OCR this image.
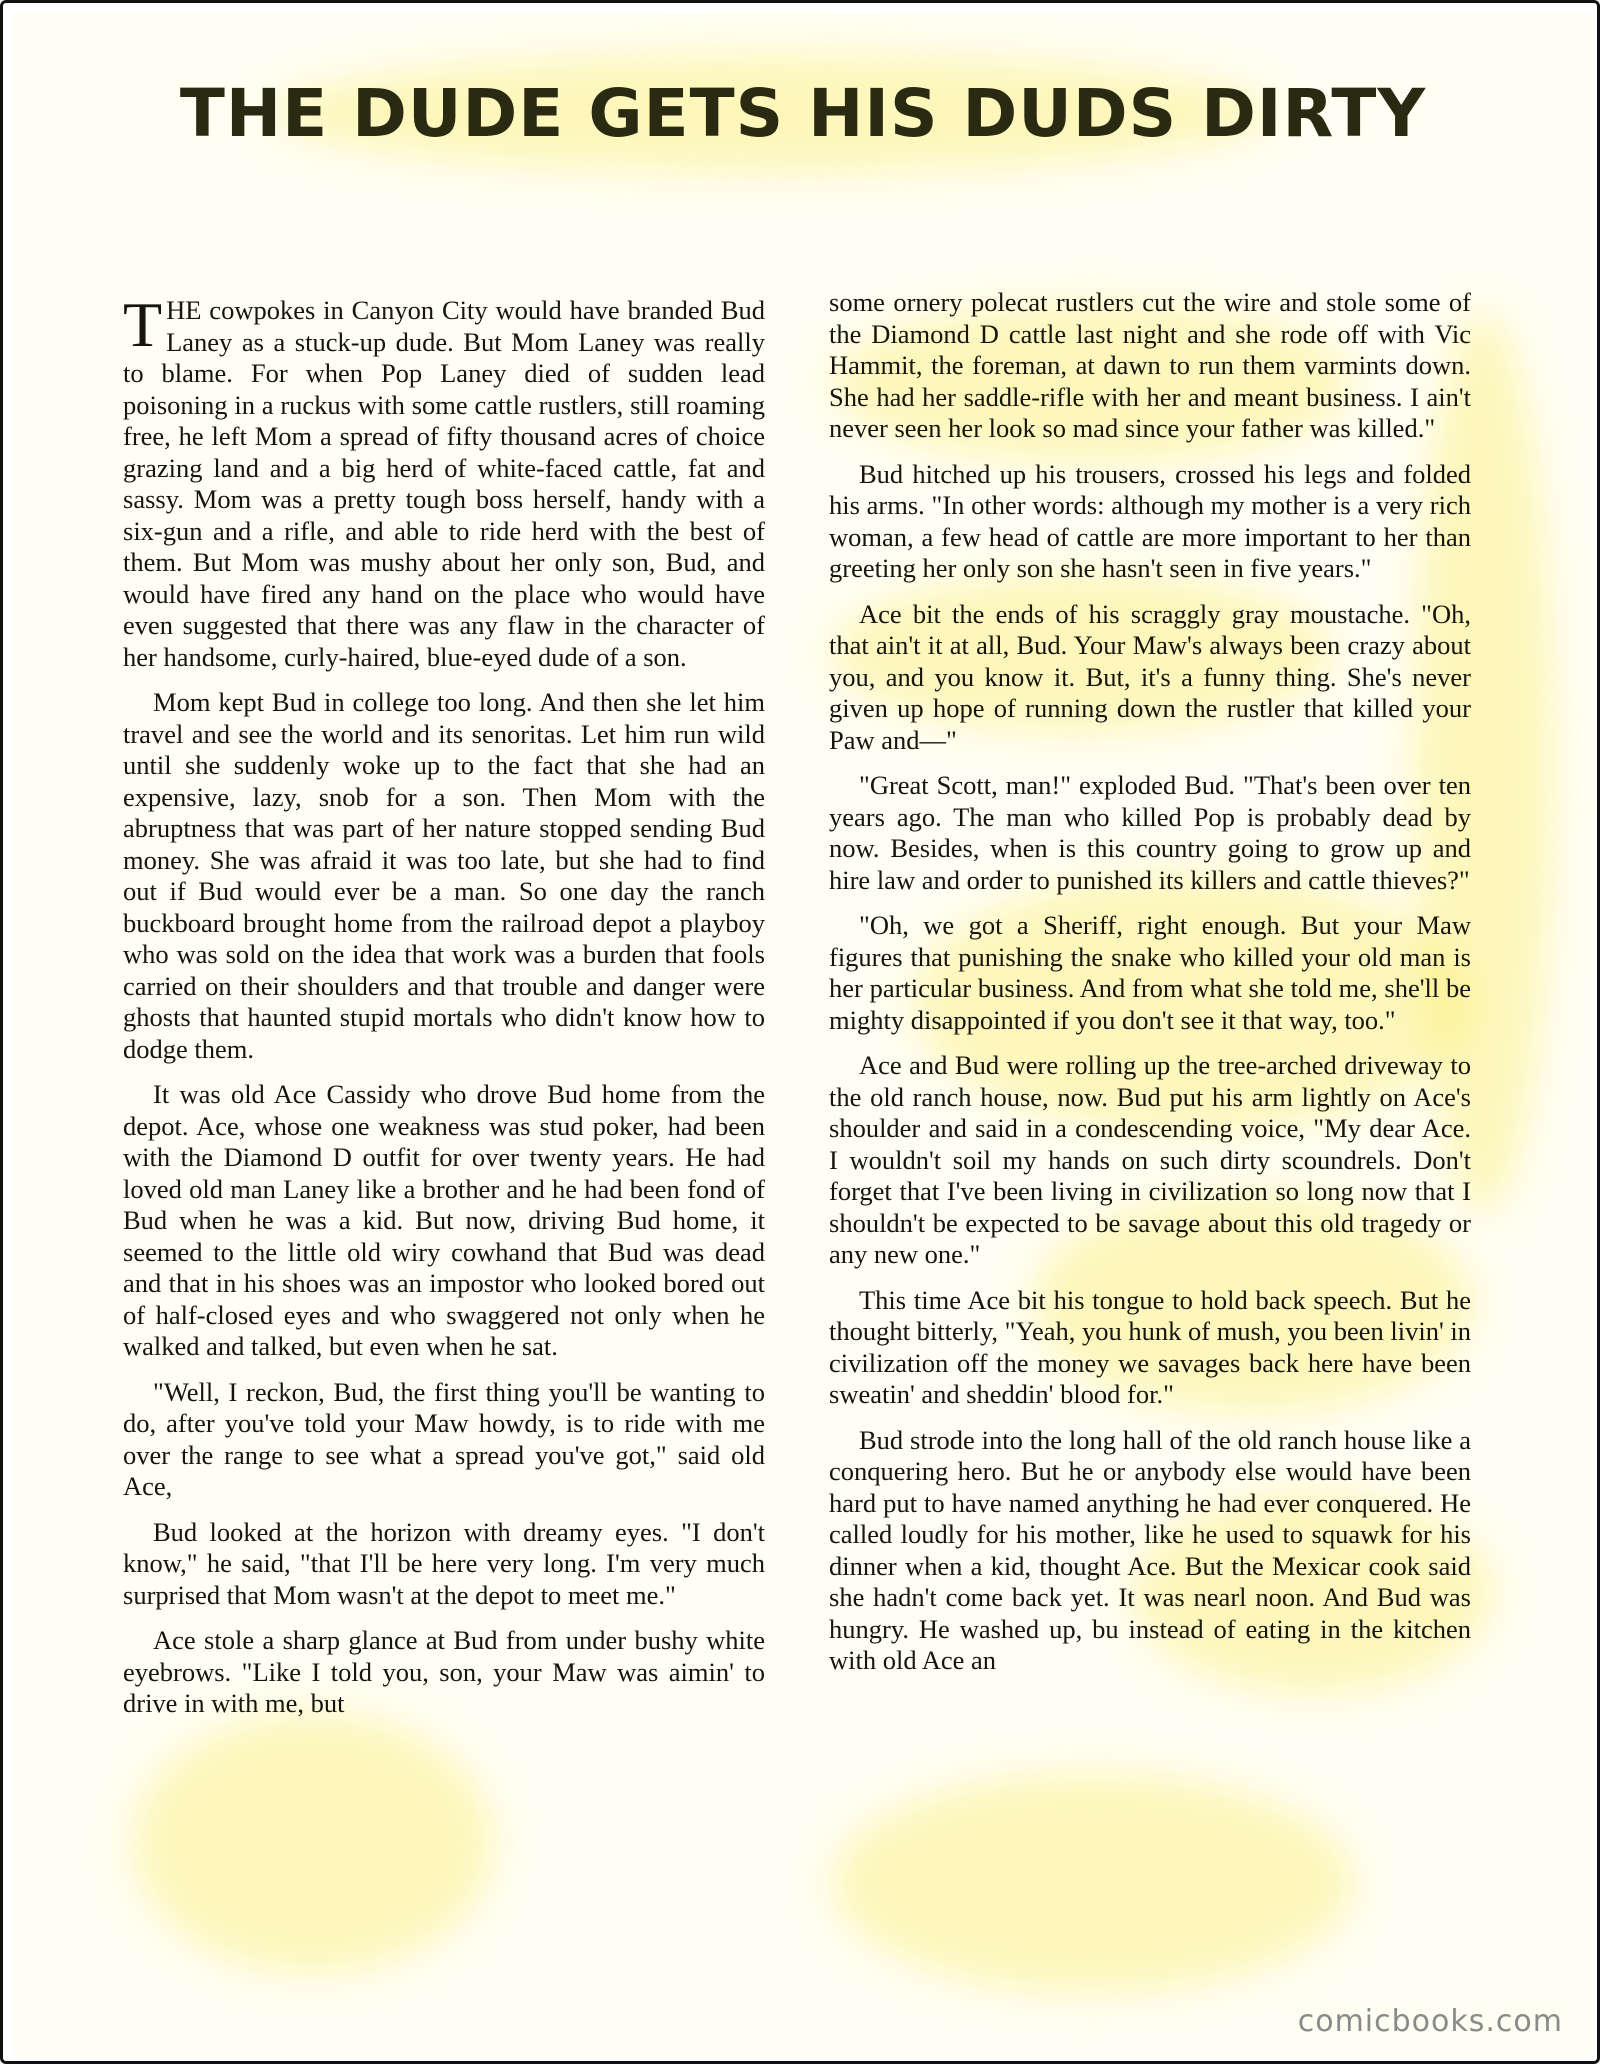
THE DUDE GETS HIS DUDS DIRTY

THE cowpokes in Canyon City would have branded Bud Laney as a stuck-up dude. But Mom Laney was really to blame. For when Pop Laney died of sudden lead poisoning in a ruckus with some cattle rustlers, still roaming free, he left Mom a spread of fifty thousand acres of choice grazing land and a big herd of white-faced cattle, fat and sassy. Mom was a pretty tough boss herself, handy with a six-gun and a rifle, and able to ride herd with the best of them. But Mom was mushy about her only son, Bud, and would have fired any hand on the place who would have even suggested that there was any flaw in the character of her handsome, curly-haired, blue-eyed dude of a son.

Mom kept Bud in college too long. And then she let him travel and see the world and its senoritas. Let him run wild until she suddenly woke up to the fact that she had an expensive, lazy, snob for a son. Then Mom with the abruptness that was part of her nature stopped sending Bud money. She was afraid it was too late, but she had to find out if Bud would ever be a man. So one day the ranch buckboard brought home from the railroad depot a playboy who was sold on the idea that work was a burden that fools carried on their shoulders and that trouble and danger were ghosts that haunted stupid mortals who didn't know how to dodge them.

It was old Ace Cassidy who drove Bud home from the depot. Ace, whose one weakness was stud poker, had been with the Diamond D outfit for over twenty years. He had loved old man Laney like a brother and he had been fond of Bud when he was a kid. But now, driving Bud home, it seemed to the little old wiry cowhand that Bud was dead and that in his shoes was an impostor who looked bored out of half-closed eyes and who swaggered not only when he walked and talked, but even when he sat.

"Well, I reckon, Bud, the first thing you'll be wanting to do, after you've told your Maw howdy, is to ride with me over the range to see what a spread you've got," said old Ace,

Bud looked at the horizon with dreamy eyes. "I don't know," he said, "that I'll be here very long. I'm very much surprised that Mom wasn't at the depot to meet me."

Ace stole a sharp glance at Bud from under bushy white eyebrows. "Like I told you, son, your Maw was aimin' to drive in with me, but

some ornery polecat rustlers cut the wire and stole some of the Diamond D cattle last night and she rode off with Vic Hammit, the foreman, at dawn to run them varmints down. She had her saddle-rifle with her and meant business. I ain't never seen her look so mad since your father was killed."

Bud hitched up his trousers, crossed his legs and folded his arms. "In other words: although my mother is a very rich woman, a few head of cattle are more important to her than greeting her only son she hasn't seen in five years."

Ace bit the ends of his scraggly gray moustache. "Oh, that ain't it at all, Bud. Your Maw's always been crazy about you, and you know it. But, it's a funny thing. She's never given up hope of running down the rustler that killed your Paw and—"

"Great Scott, man!" exploded Bud. "That's been over ten years ago. The man who killed Pop is probably dead by now. Besides, when is this country going to grow up and hire law and order to punished its killers and cattle thieves?"

"Oh, we got a Sheriff, right enough. But your Maw figures that punishing the snake who killed your old man is her particular business. And from what she told me, she'll be mighty disappointed if you don't see it that way, too."

Ace and Bud were rolling up the tree-arched driveway to the old ranch house, now. Bud put his arm lightly on Ace's shoulder and said in a condescending voice, "My dear Ace. I wouldn't soil my hands on such dirty scoundrels. Don't forget that I've been living in civilization so long now that I shouldn't be expected to be savage about this old tragedy or any new one."

This time Ace bit his tongue to hold back speech. But he thought bitterly, "Yeah, you hunk of mush, you been livin' in civilization off the money we savages back here have been sweatin' and sheddin' blood for."

Bud strode into the long hall of the old ranch house like a conquering hero. But he or anybody else would have been hard put to have named anything he had ever conquered. He called loudly for his mother, like he used to squawk for his dinner when a kid, thought Ace. But the Mexicar cook said she hadn't come back yet. It was nearl noon. And Bud was hungry. He washed up, bu instead of eating in the kitchen with old Ace an

comicbooks.com
